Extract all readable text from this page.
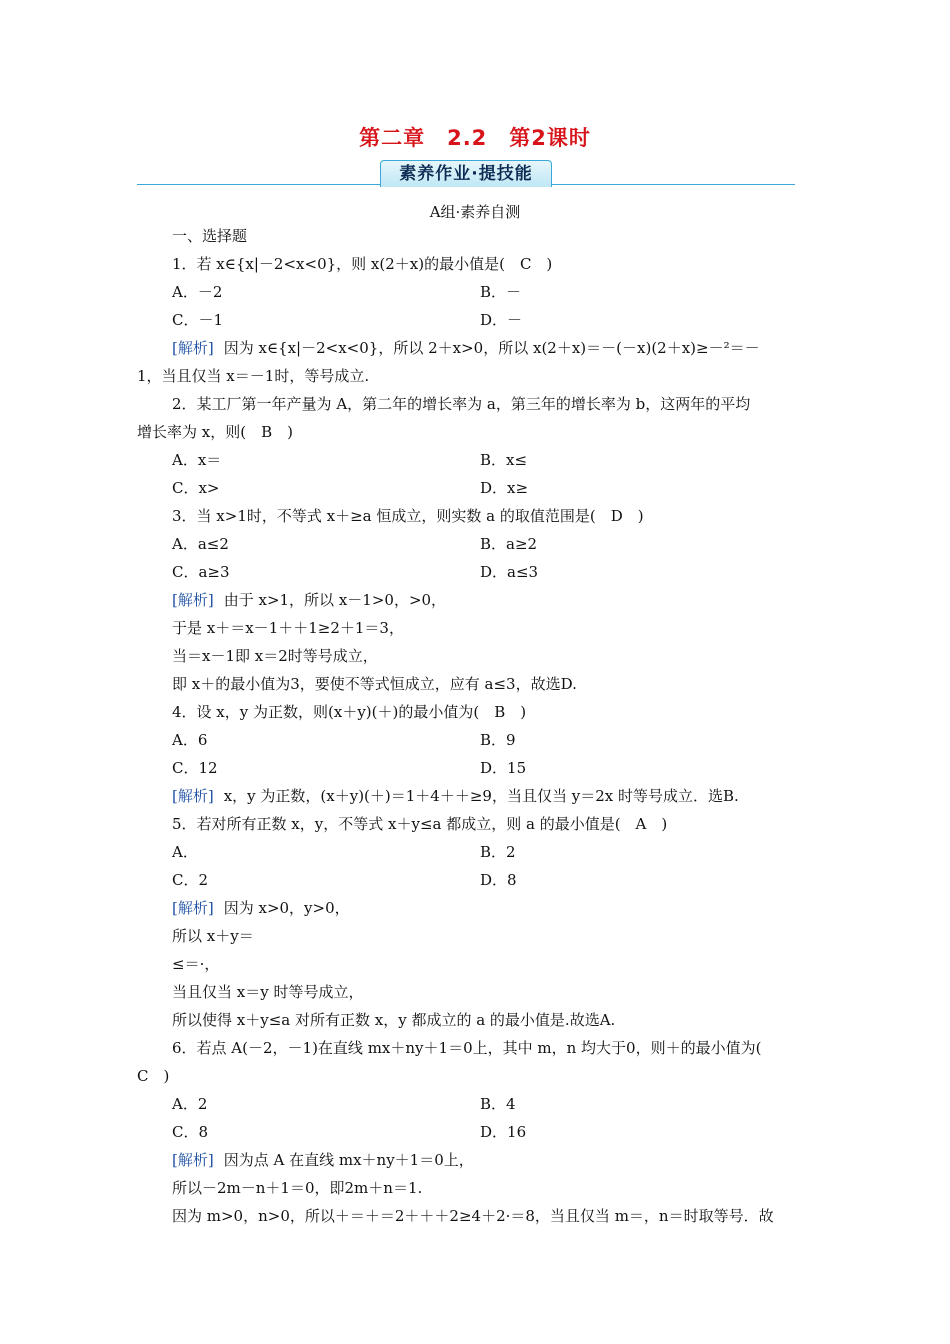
第二章　2.2　第2课时
素养作业·提技能
A组·素养自测
一、选择题
1．若 x∈{x|－2<x<0}，则 x(2＋x)的最小值是(　C　)
A．－2	B．－
C．－1	D．－
[解析] 因为 x∈{x|－2<x<0}，所以 2＋x>0，所以 x(2＋x)＝－(－x)(2＋x)≥－²＝－
1，当且仅当 x＝－1时，等号成立.
2．某工厂第一年产量为 A，第二年的增长率为 a，第三年的增长率为 b，这两年的平均
增长率为 x，则(　B　)
A．x＝	B．x≤
C．x>	D．x≥
3．当 x>1时，不等式 x＋≥a 恒成立，则实数 a 的取值范围是(　D　)
A．a≤2	B．a≥2
C．a≥3	D．a≤3
[解析] 由于 x>1，所以 x－1>0，>0，
于是 x＋＝x－1＋＋1≥2＋1＝3，
当＝x－1即 x＝2时等号成立，
即 x＋的最小值为3，要使不等式恒成立，应有 a≤3，故选D.
4．设 x，y 为正数，则(x＋y)(＋)的最小值为(　B　)
A．6	B．9
C．12	D．15
[解析] x，y 为正数，(x＋y)(＋)＝1＋4＋＋≥9，当且仅当 y＝2x 时等号成立．选B.
5．若对所有正数 x，y，不等式 x＋y≤a 都成立，则 a 的最小值是(　A　)
A．	B．2
C．2	D．8
[解析] 因为 x>0，y>0，
所以 x＋y＝
≤＝·，
当且仅当 x＝y 时等号成立，
所以使得 x＋y≤a 对所有正数 x，y 都成立的 a 的最小值是.故选A.
6．若点 A(－2，－1)在直线 mx＋ny＋1＝0上，其中 m，n 均大于0，则＋的最小值为(
C　)
A．2	B．4
C．8	D．16
[解析] 因为点 A 在直线 mx＋ny＋1＝0上，
所以－2m－n＋1＝0，即2m＋n＝1.
因为 m>0，n>0，所以＋＝＋＝2＋＋＋2≥4＋2·＝8，当且仅当 m＝，n＝时取等号．故
